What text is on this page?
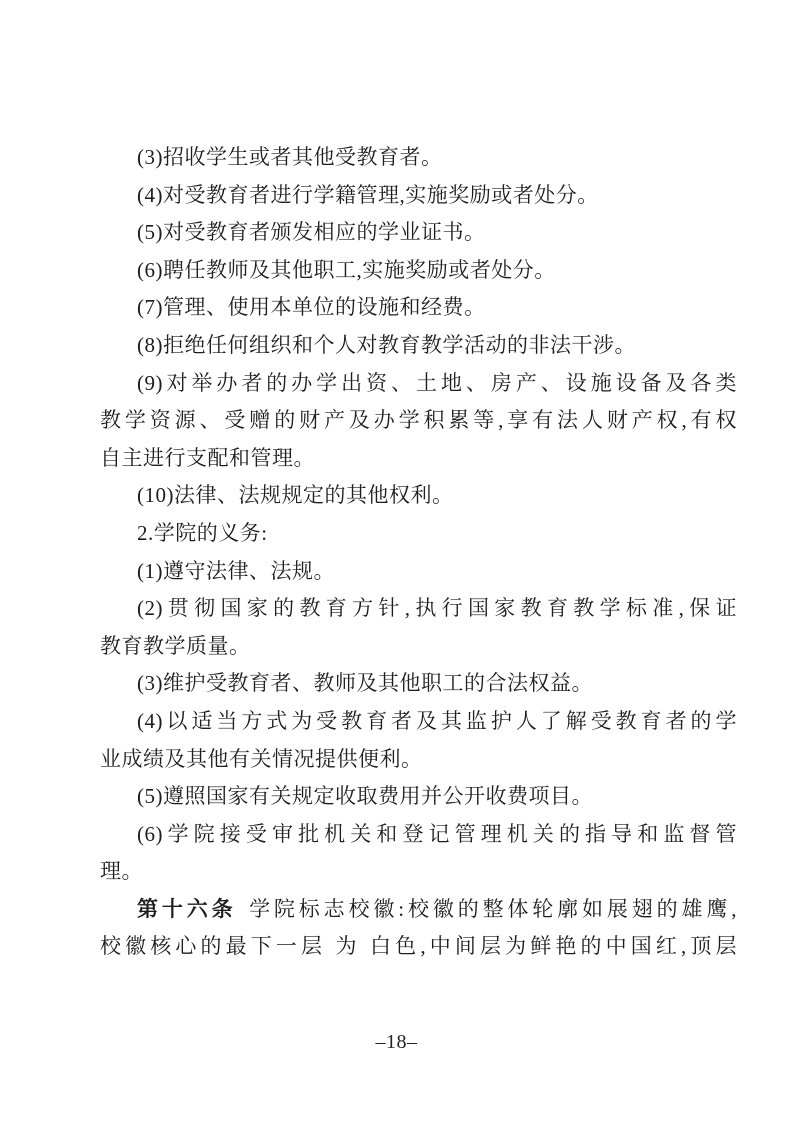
(3)招收学生或者其他受教育者。

(4)对受教育者进行学籍管理,实施奖励或者处分。

(5)对受教育者颁发相应的学业证书。

(6)聘任教师及其他职工,实施奖励或者处分。

(7)管理、使用本单位的设施和经费。

(8)拒绝任何组织和个人对教育教学活动的非法干涉。

(9)对举办者的办学出资、土地、房产、设施设备及各类

教学资源、受赠的财产及办学积累等,享有法人财产权,有权

自主进行支配和管理。

(10)法律、法规规定的其他权利。

2.学院的义务:

(1)遵守法律、法规。

(2)贯彻国家的教育方针,执行国家教育教学标准,保证

教育教学质量。

(3)维护受教育者、教师及其他职工的合法权益。

(4)以适当方式为受教育者及其监护人了解受教育者的学

业成绩及其他有关情况提供便利。

(5)遵照国家有关规定收取费用并公开收费项目。

(6)学院接受审批机关和登记管理机关的指导和监督管

理。

第十六条 学院标志校徽:校徽的整体轮廓如展翅的雄鹰,

校徽核心的最下一层 为 白色,中间层为鲜艳的中国红,顶层

–18–
